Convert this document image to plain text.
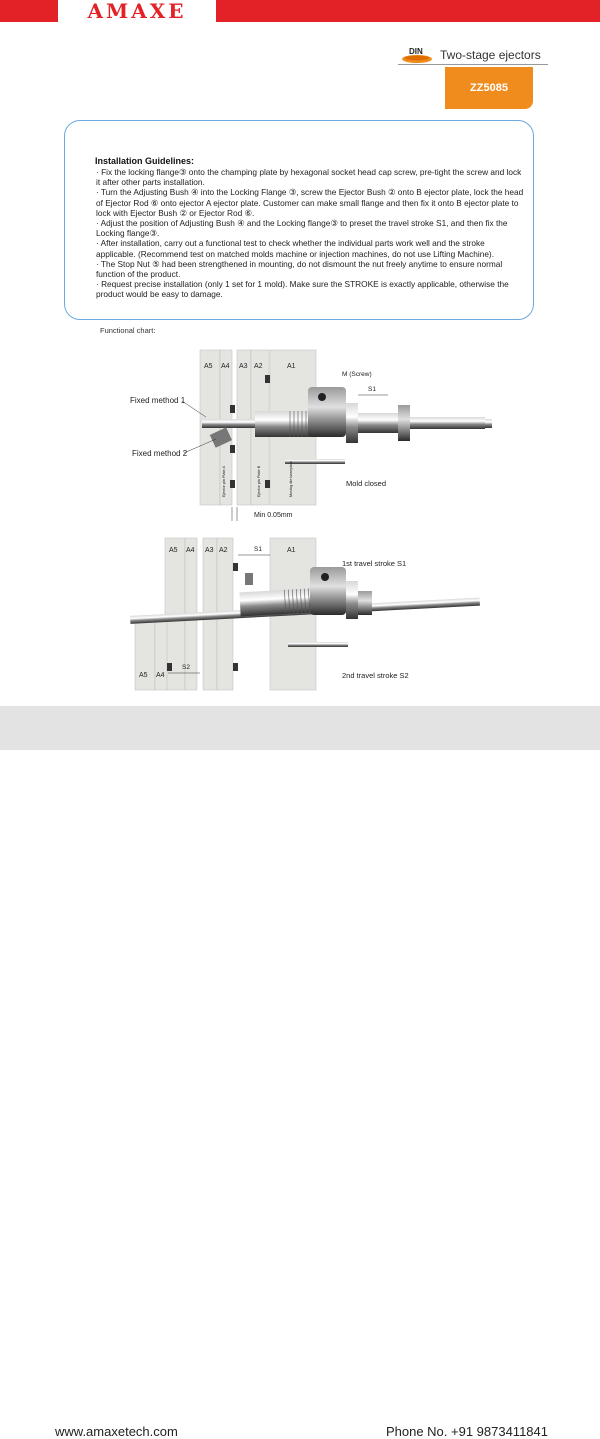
AMAXE
DIN Two-stage ejectors
ZZ5085
Installation Guidelines:
· Fix the locking flange③ onto the champing plate by hexagonal socket head cap screw, pre-tight the screw and lock it after other parts installation.
· Turn the Adjusting Bush ④ into the Locking Flange ③, screw the Ejector Bush ② onto B ejector plate, lock the head of Ejector Rod ⑥ onto ejector A ejector plate. Customer can make small flange and then fix it onto B ejector plate to lock with Ejector Bush ② or Ejector Rod ⑥.
· Adjust the position of Adjusting Bush ④ and the Locking flange③ to preset the travel stroke S1, and then fix the Locking flange③.
· After installation, carry out a functional test to check whether the individual parts work well and the stroke applicable. (Recommend test on matched molds machine or injection machines, do not use Lifting Machine).
· The Stop Nut ⑤ had been strengthened in mounting, do not dismount the nut freely anytime to ensure normal function of the product.
· Request precise installation (only 1 set for 1 mold). Make sure the STROKE is exactly applicable, otherwise the product would be easy to damage.
Functional chart:
A5 A4 A3 A2	A1
M (Screw)
S1
Fixed method 1
Fixed method 2
Ejector pin Plate A	Ejector pin Plate B	Moving die baseplate	Mold closed
Min 0.05mm
A5 A4 A3 A2	A1
A5 A4
S1
1st travel stroke S1
S2
2nd travel stroke S2
www.amaxetech.com	Phone No. +91 9873411841
